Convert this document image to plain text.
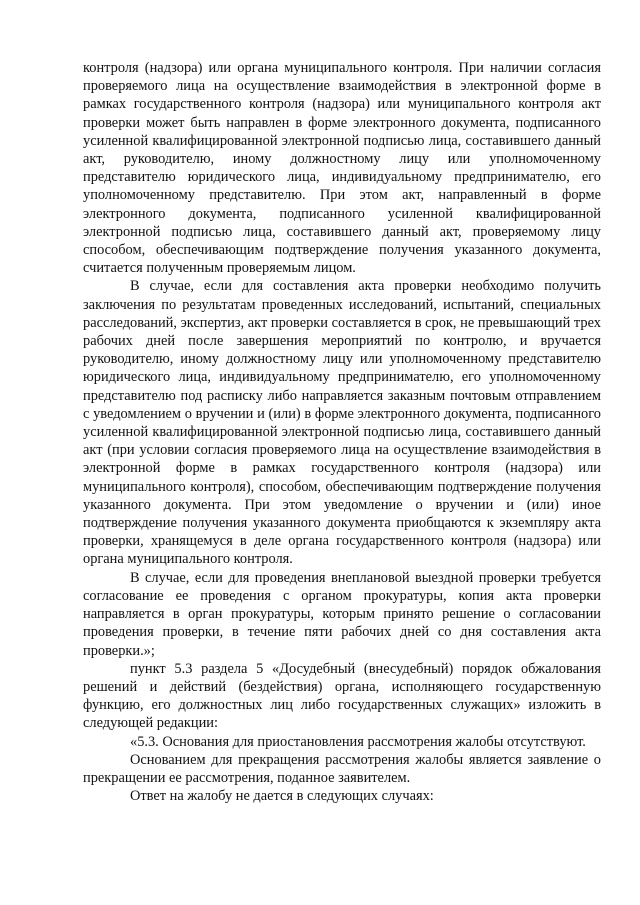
контроля (надзора) или органа муниципального контроля. При наличии согласия проверяемого лица на осуществление взаимодействия в электронной форме в рамках государственного контроля (надзора) или муниципального контроля акт проверки может быть направлен в форме электронного документа, подписанного усиленной квалифицированной электронной подписью лица, составившего данный акт, руководителю, иному должностному лицу или уполномоченному представителю юридического лица, индивидуальному предпринимателю, его уполномоченному представителю. При этом акт, направленный в форме электронного документа, подписанного усиленной квалифицированной электронной подписью лица, составившего данный акт, проверяемому лицу способом, обеспечивающим подтверждение получения указанного документа, считается полученным проверяемым лицом.

В случае, если для составления акта проверки необходимо получить заключения по результатам проведенных исследований, испытаний, специальных расследований, экспертиз, акт проверки составляется в срок, не превышающий трех рабочих дней после завершения мероприятий по контролю, и вручается руководителю, иному должностному лицу или уполномоченному представителю юридического лица, индивидуальному предпринимателю, его уполномоченному представителю под расписку либо направляется заказным почтовым отправлением с уведомлением о вручении и (или) в форме электронного документа, подписанного усиленной квалифицированной электронной подписью лица, составившего данный акт (при условии согласия проверяемого лица на осуществление взаимодействия в электронной форме в рамках государственного контроля (надзора) или муниципального контроля), способом, обеспечивающим подтверждение получения указанного документа. При этом уведомление о вручении и (или) иное подтверждение получения указанного документа приобщаются к экземпляру акта проверки, хранящемуся в деле органа государственного контроля (надзора) или органа муниципального контроля.

В случае, если для проведения внеплановой выездной проверки требуется согласование ее проведения с органом прокуратуры, копия акта проверки направляется в орган прокуратуры, которым принято решение о согласовании проведения проверки, в течение пяти рабочих дней со дня составления акта проверки.»;

пункт 5.3 раздела 5 «Досудебный (внесудебный) порядок обжалования решений и действий (бездействия) органа, исполняющего государственную функцию, его должностных лиц либо государственных служащих» изложить в следующей редакции:

«5.3. Основания для приостановления рассмотрения жалобы отсутствуют.

Основанием для прекращения рассмотрения жалобы является заявление о прекращении ее рассмотрения, поданное заявителем.

Ответ на жалобу не дается в следующих случаях:
